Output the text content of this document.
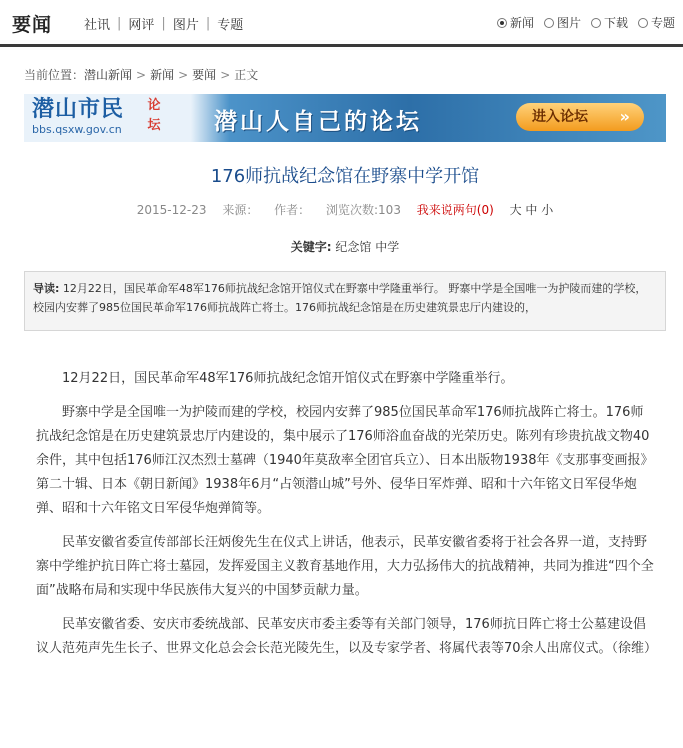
要闻	社讯 | 网评 | 图片 | 专题	新闻 图片 下载 专题
当前位置：潜山新闻 > 新闻 > 要闻 > 正文
潜山市民
bbs.qsxw.gov.cn
论坛 潜山人自己的论坛	进入论坛 »
176师抗战纪念馆在野寨中学开馆
2015-12-23 来源： 作者： 浏览次数:103 我来说两句(0) 大 中 小
关键字: 纪念馆 中学
导读: 12月22日，国民革命军48军176师抗战纪念馆开馆仪式在野寨中学隆重举行。 野寨中学是全国唯一为护陵而建的学校，校园内安葬了985位国民革命军176师抗战阵亡将士。176师抗战纪念馆是在历史建筑景忠厅内建设的，

12月22日，国民革命军48军176师抗战纪念馆开馆仪式在野寨中学隆重举行。

野寨中学是全国唯一为护陵而建的学校，校园内安葬了985位国民革命军176师抗战阵亡将士。176师抗战纪念馆是在历史建筑景忠厅内建设的，集中展示了176师浴血奋战的光荣历史。陈列有珍贵抗战文物40余件，其中包括176师江汉杰烈士墓碑（1940年莫敌率全团官兵立）、日本出版物1938年《支那事变画报》第二十辑、日本《朝日新闻》1938年6月“占领潜山城”号外、侵华日军炸弹、昭和十六年铭文日军侵华炮弹、昭和十六年铭文日军侵华炮弹简等。

民革安徽省委宣传部部长汪炳俊先生在仪式上讲话，他表示，民革安徽省委将于社会各界一道，支持野寨中学维护抗日阵亡将士墓园，发挥爱国主义教育基地作用，大力弘扬伟大的抗战精神，共同为推进“四个全面”战略布局和实现中华民族伟大复兴的中国梦贡献力量。

民革安徽省委、安庆市委统战部、民革安庆市委主委等有关部门领导，176师抗日阵亡将士公墓建设倡议人范苑声先生长子、世界文化总会会长范光陵先生，以及专家学者、将属代表等70余人出席仪式。（徐维）
